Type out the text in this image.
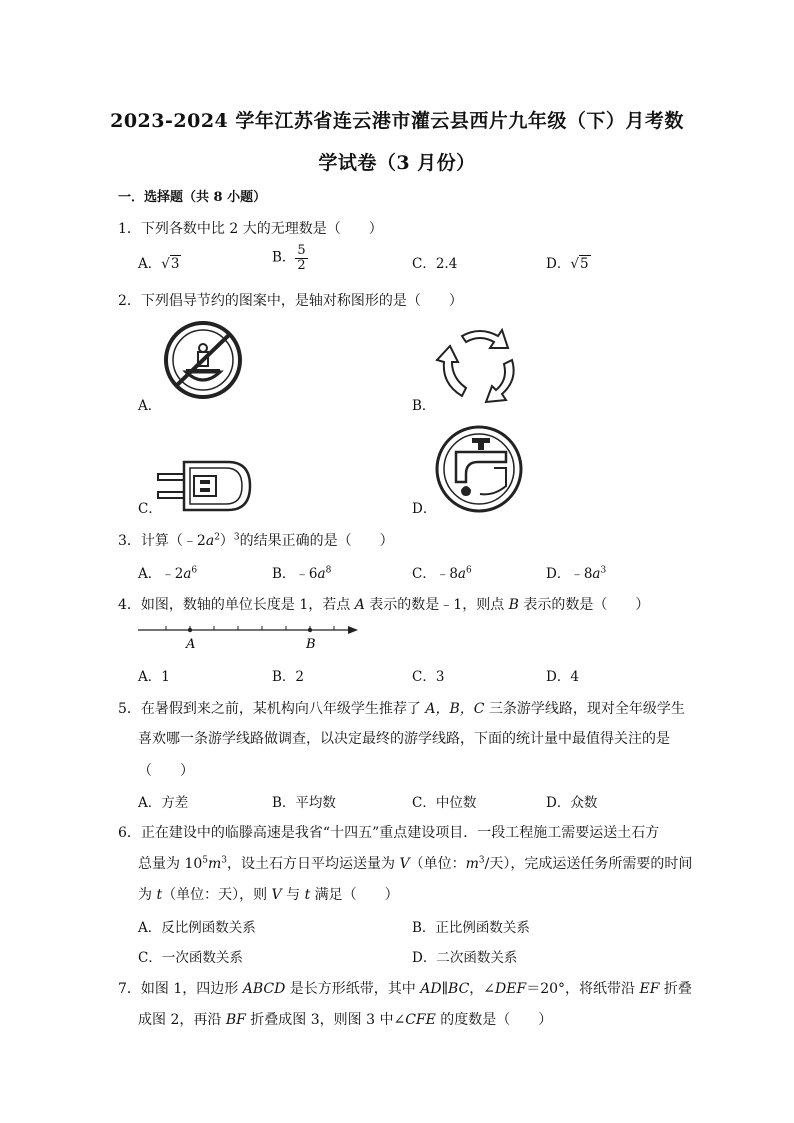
2023-2024 学年江苏省连云港市灌云县西片九年级（下）月考数
学试卷（3 月份）
一．选择题（共 8 小题）
1．下列各数中比 2 大的无理数是（　　）
A．√3	B． $\frac{5}{2}$	C．2.4	D．√5
2．下列倡导节约的图案中，是轴对称图形的是（　　）
A．	B．
C．	D．
3．计算$(﹣2a^2)^3$的结果正确的是（　　）
A．$﹣2a^6$	B．$﹣6a^8$	C．$﹣8a^6$	D．$﹣8a^3$
4．如图，数轴的单位长度是 1，若点 A 表示的数是﹣1，则点 B 表示的数是（　　）
A	B
A．1	B．2	C．3	D．4
5．在暑假到来之前，某机构向八年级学生推荐了 A，B，C 三条游学线路，现对全年级学生
喜欢哪一条游学线路做调查，以决定最终的游学线路，下面的统计量中最值得关注的是
（　　）
A．方差	B．平均数	C．中位数	D．众数
6．正在建设中的临滕高速是我省“十四五”重点建设项目．一段工程施工需要运送土石方
总量为 $10^5m^3$，设土石方日平均运送量为 V（单位：$m^3/$天），完成运送任务所需要的时间
为 t（单位：天），则 V 与 t 满足（　　）
A．反比例函数关系	B．正比例函数关系
C．一次函数关系	D．二次函数关系
7．如图 1，四边形 ABCD 是长方形纸带，其中 AD∥BC，∠DEF＝20°，将纸带沿 EF 折叠
成图 2，再沿 BF 折叠成图 3，则图 3 中∠CFE 的度数是（　　）
